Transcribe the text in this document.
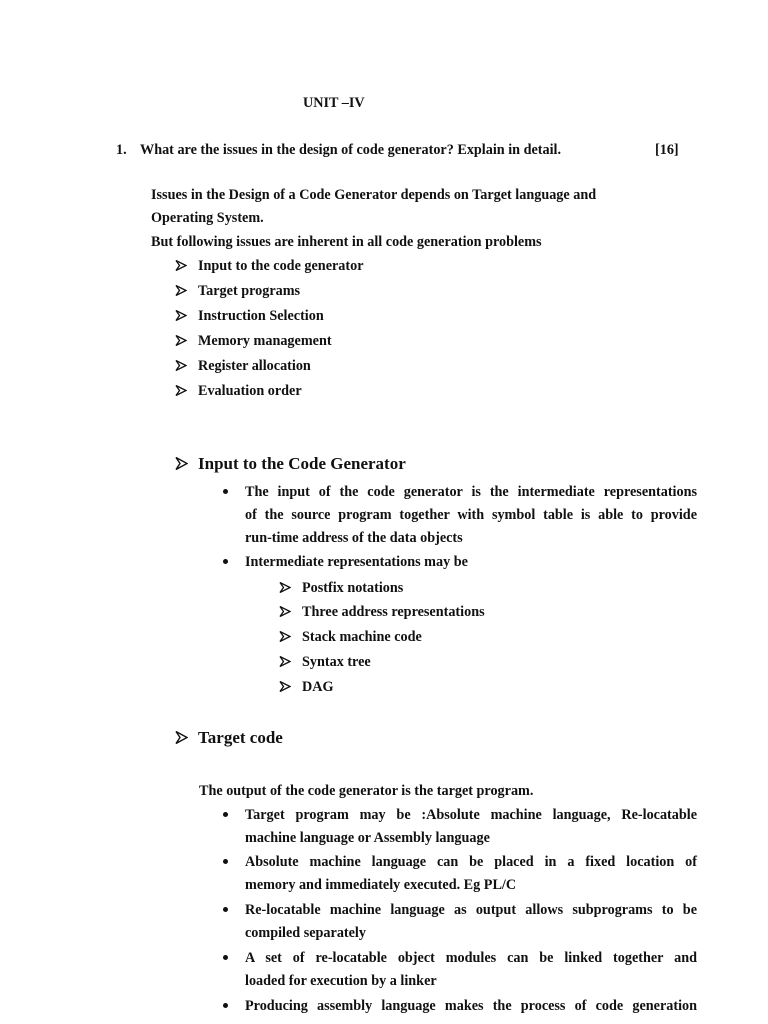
UNIT –IV
1. What are the issues in the design of code generator? Explain in detail.	[16]
Issues in the Design of a Code Generator depends on Target language and
Operating System.
But following issues are inherent in all code generation problems
Input to the code generator
Target programs
Instruction Selection
Memory management
Register allocation
Evaluation order
Input to the Code Generator
The input of the code generator is the intermediate representations
of the source program together with symbol table is able to provide
run-time address of the data objects
Intermediate representations may be
Postfix notations
Three address representations
Stack machine code
Syntax tree
DAG
Target code
The output of the code generator is the target program.
Target program may be :Absolute machine language, Re-locatable
machine language or Assembly language
Absolute machine language can be placed in a fixed location of
memory and immediately executed. Eg PL/C
Re-locatable machine language as output allows subprograms to be
compiled separately
A set of re-locatable object modules can be linked together and
loaded for execution by a linker
Producing assembly language makes the process of code generation
